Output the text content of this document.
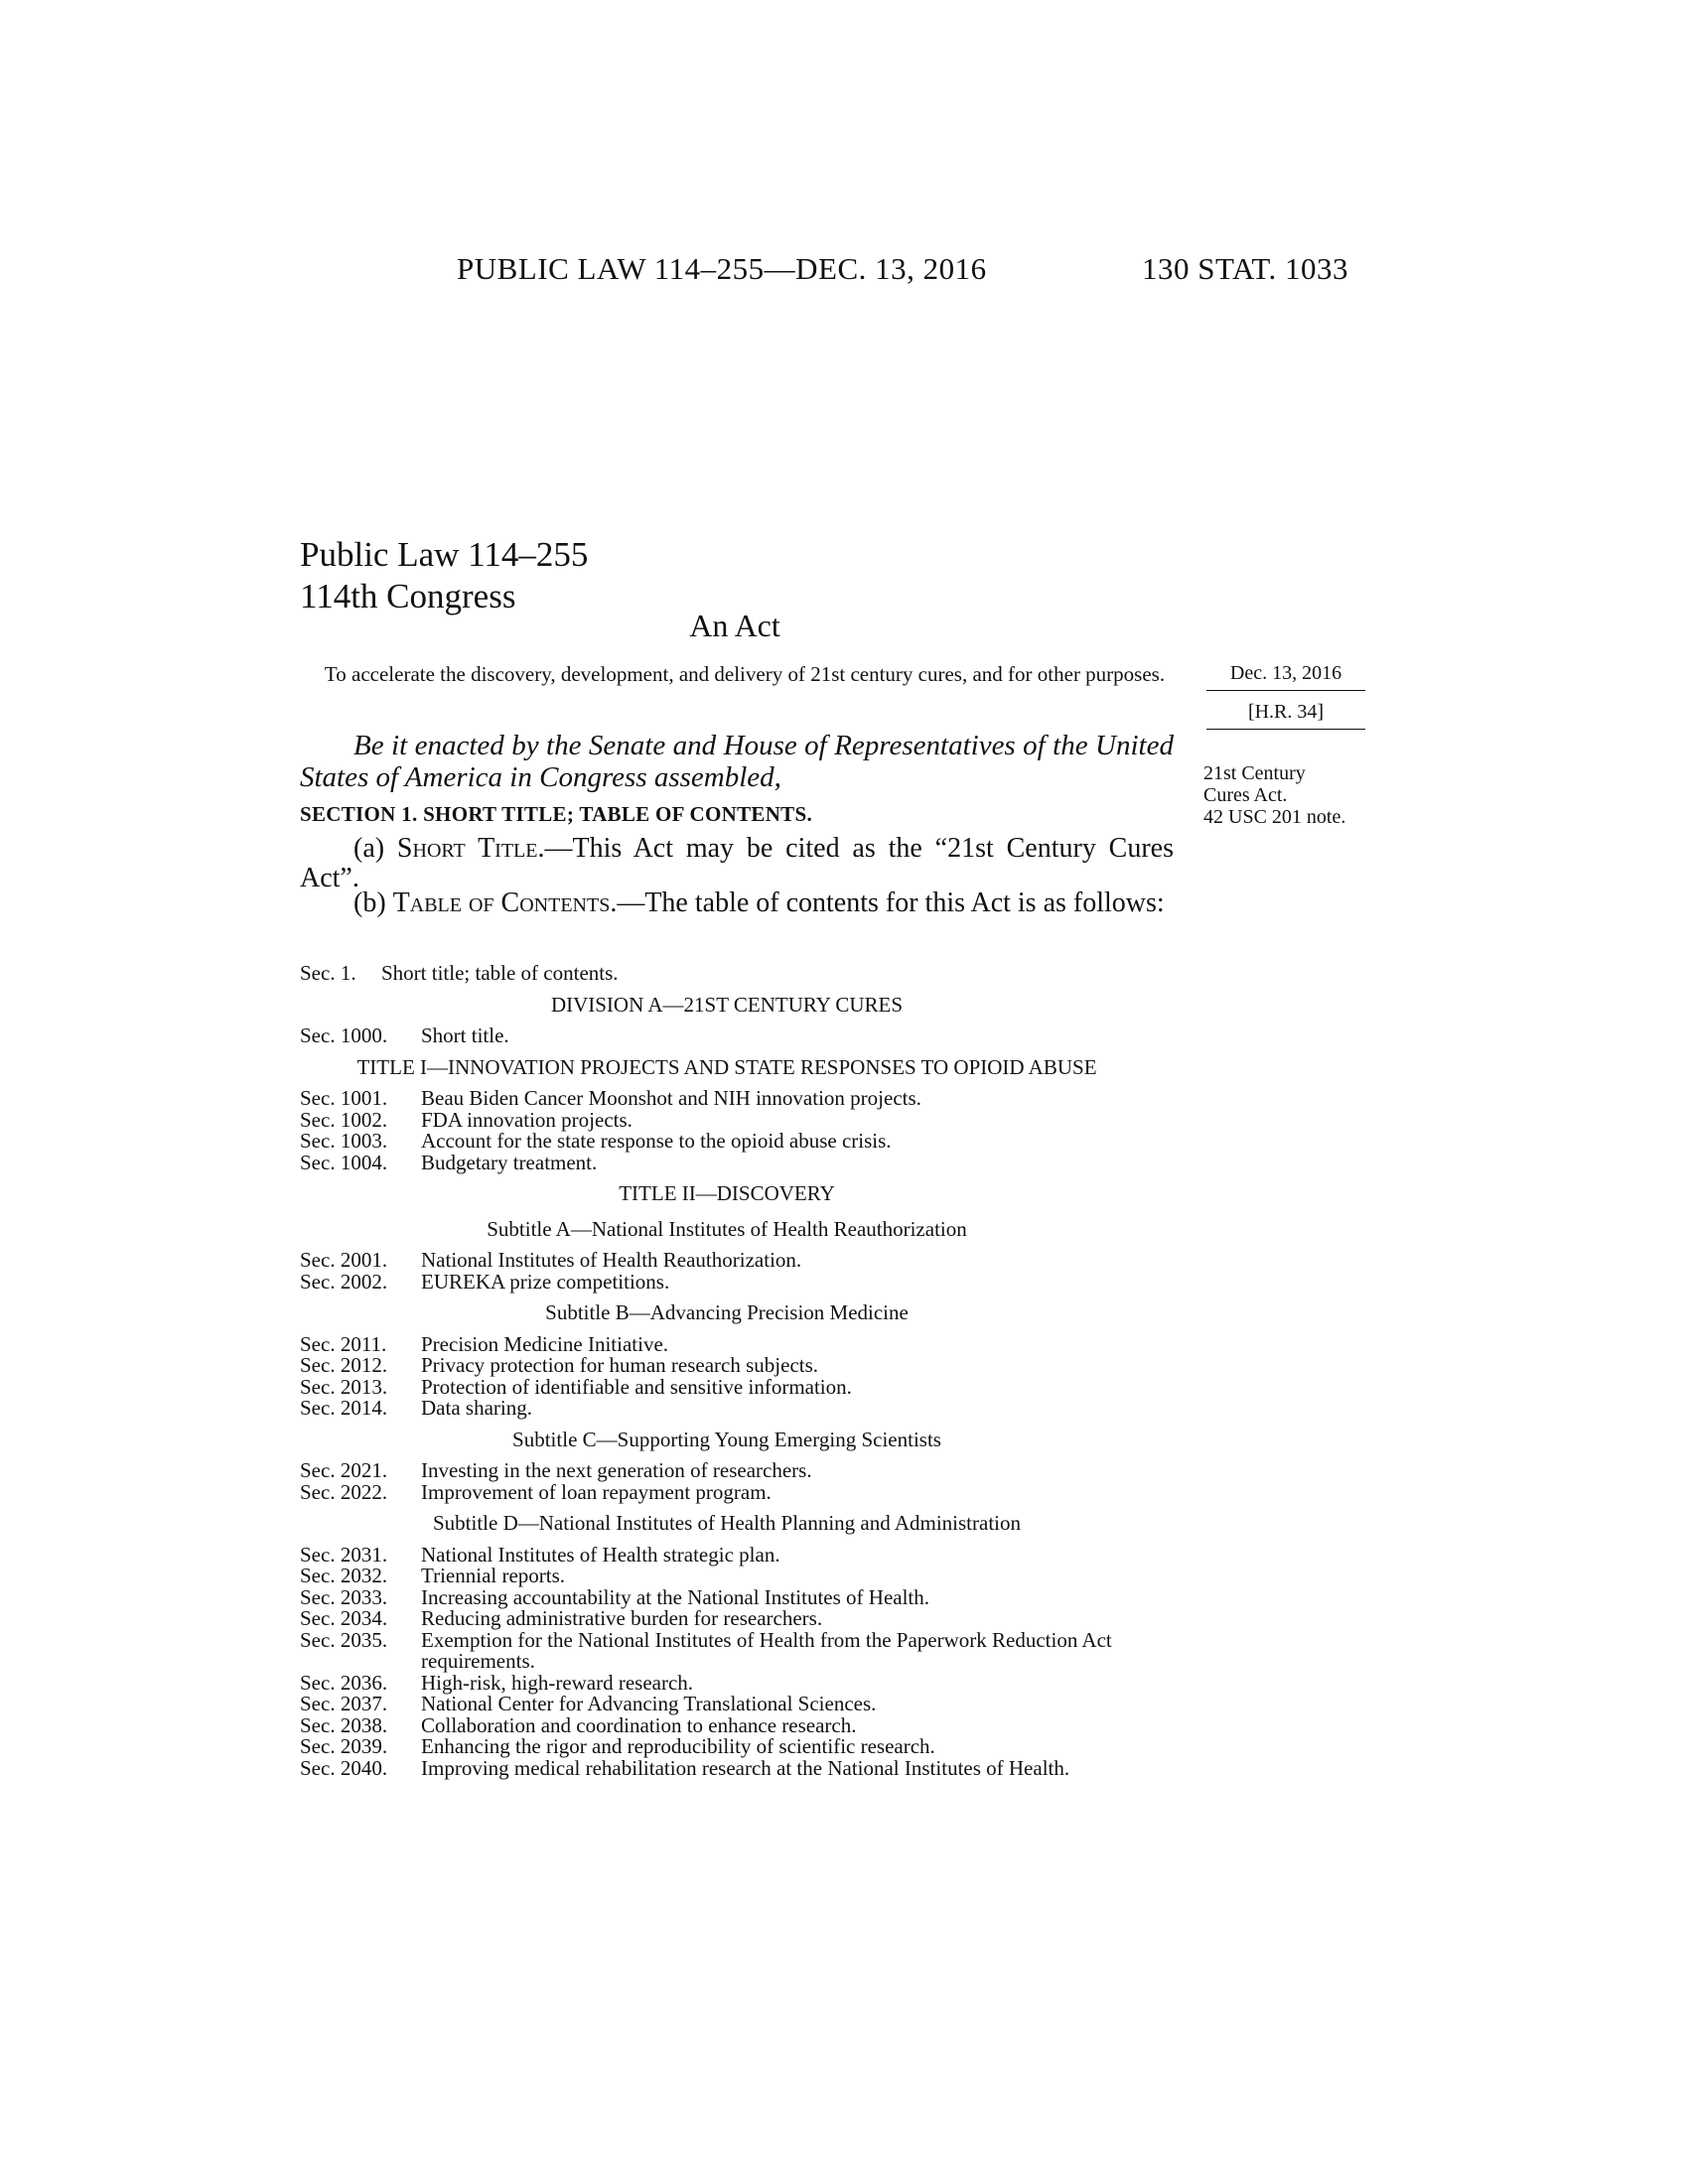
PUBLIC LAW 114–255—DEC. 13, 2016	130 STAT. 1033
Public Law 114–255
114th Congress
An Act
To accelerate the discovery, development, and delivery of 21st century cures, and for other purposes.	Dec. 13, 2016
[H.R. 34]
21st Century
Cures Act.
42 USC 201 note.
Be it enacted by the Senate and House of Representatives of the United States of America in Congress assembled,
SECTION 1. SHORT TITLE; TABLE OF CONTENTS.
(a) Short Title.—This Act may be cited as the “21st Century Cures Act”.
(b) Table of Contents.—The table of contents for this Act is as follows:
Sec. 1.	Short title; table of contents.
DIVISION A—21ST CENTURY CURES
Sec. 1000.	Short title.
TITLE I—INNOVATION PROJECTS AND STATE RESPONSES TO OPIOID ABUSE
Sec. 1001.	Beau Biden Cancer Moonshot and NIH innovation projects.
Sec. 1002.	FDA innovation projects.
Sec. 1003.	Account for the state response to the opioid abuse crisis.
Sec. 1004.	Budgetary treatment.
TITLE II—DISCOVERY
Subtitle A—National Institutes of Health Reauthorization
Sec. 2001.	National Institutes of Health Reauthorization.
Sec. 2002.	EUREKA prize competitions.
Subtitle B—Advancing Precision Medicine
Sec. 2011.	Precision Medicine Initiative.
Sec. 2012.	Privacy protection for human research subjects.
Sec. 2013.	Protection of identifiable and sensitive information.
Sec. 2014.	Data sharing.
Subtitle C—Supporting Young Emerging Scientists
Sec. 2021.	Investing in the next generation of researchers.
Sec. 2022.	Improvement of loan repayment program.
Subtitle D—National Institutes of Health Planning and Administration
Sec. 2031.	National Institutes of Health strategic plan.
Sec. 2032.	Triennial reports.
Sec. 2033.	Increasing accountability at the National Institutes of Health.
Sec. 2034.	Reducing administrative burden for researchers.
Sec. 2035.	Exemption for the National Institutes of Health from the Paperwork Reduction Act requirements.
Sec. 2036.	High-risk, high-reward research.
Sec. 2037.	National Center for Advancing Translational Sciences.
Sec. 2038.	Collaboration and coordination to enhance research.
Sec. 2039.	Enhancing the rigor and reproducibility of scientific research.
Sec. 2040.	Improving medical rehabilitation research at the National Institutes of Health.
